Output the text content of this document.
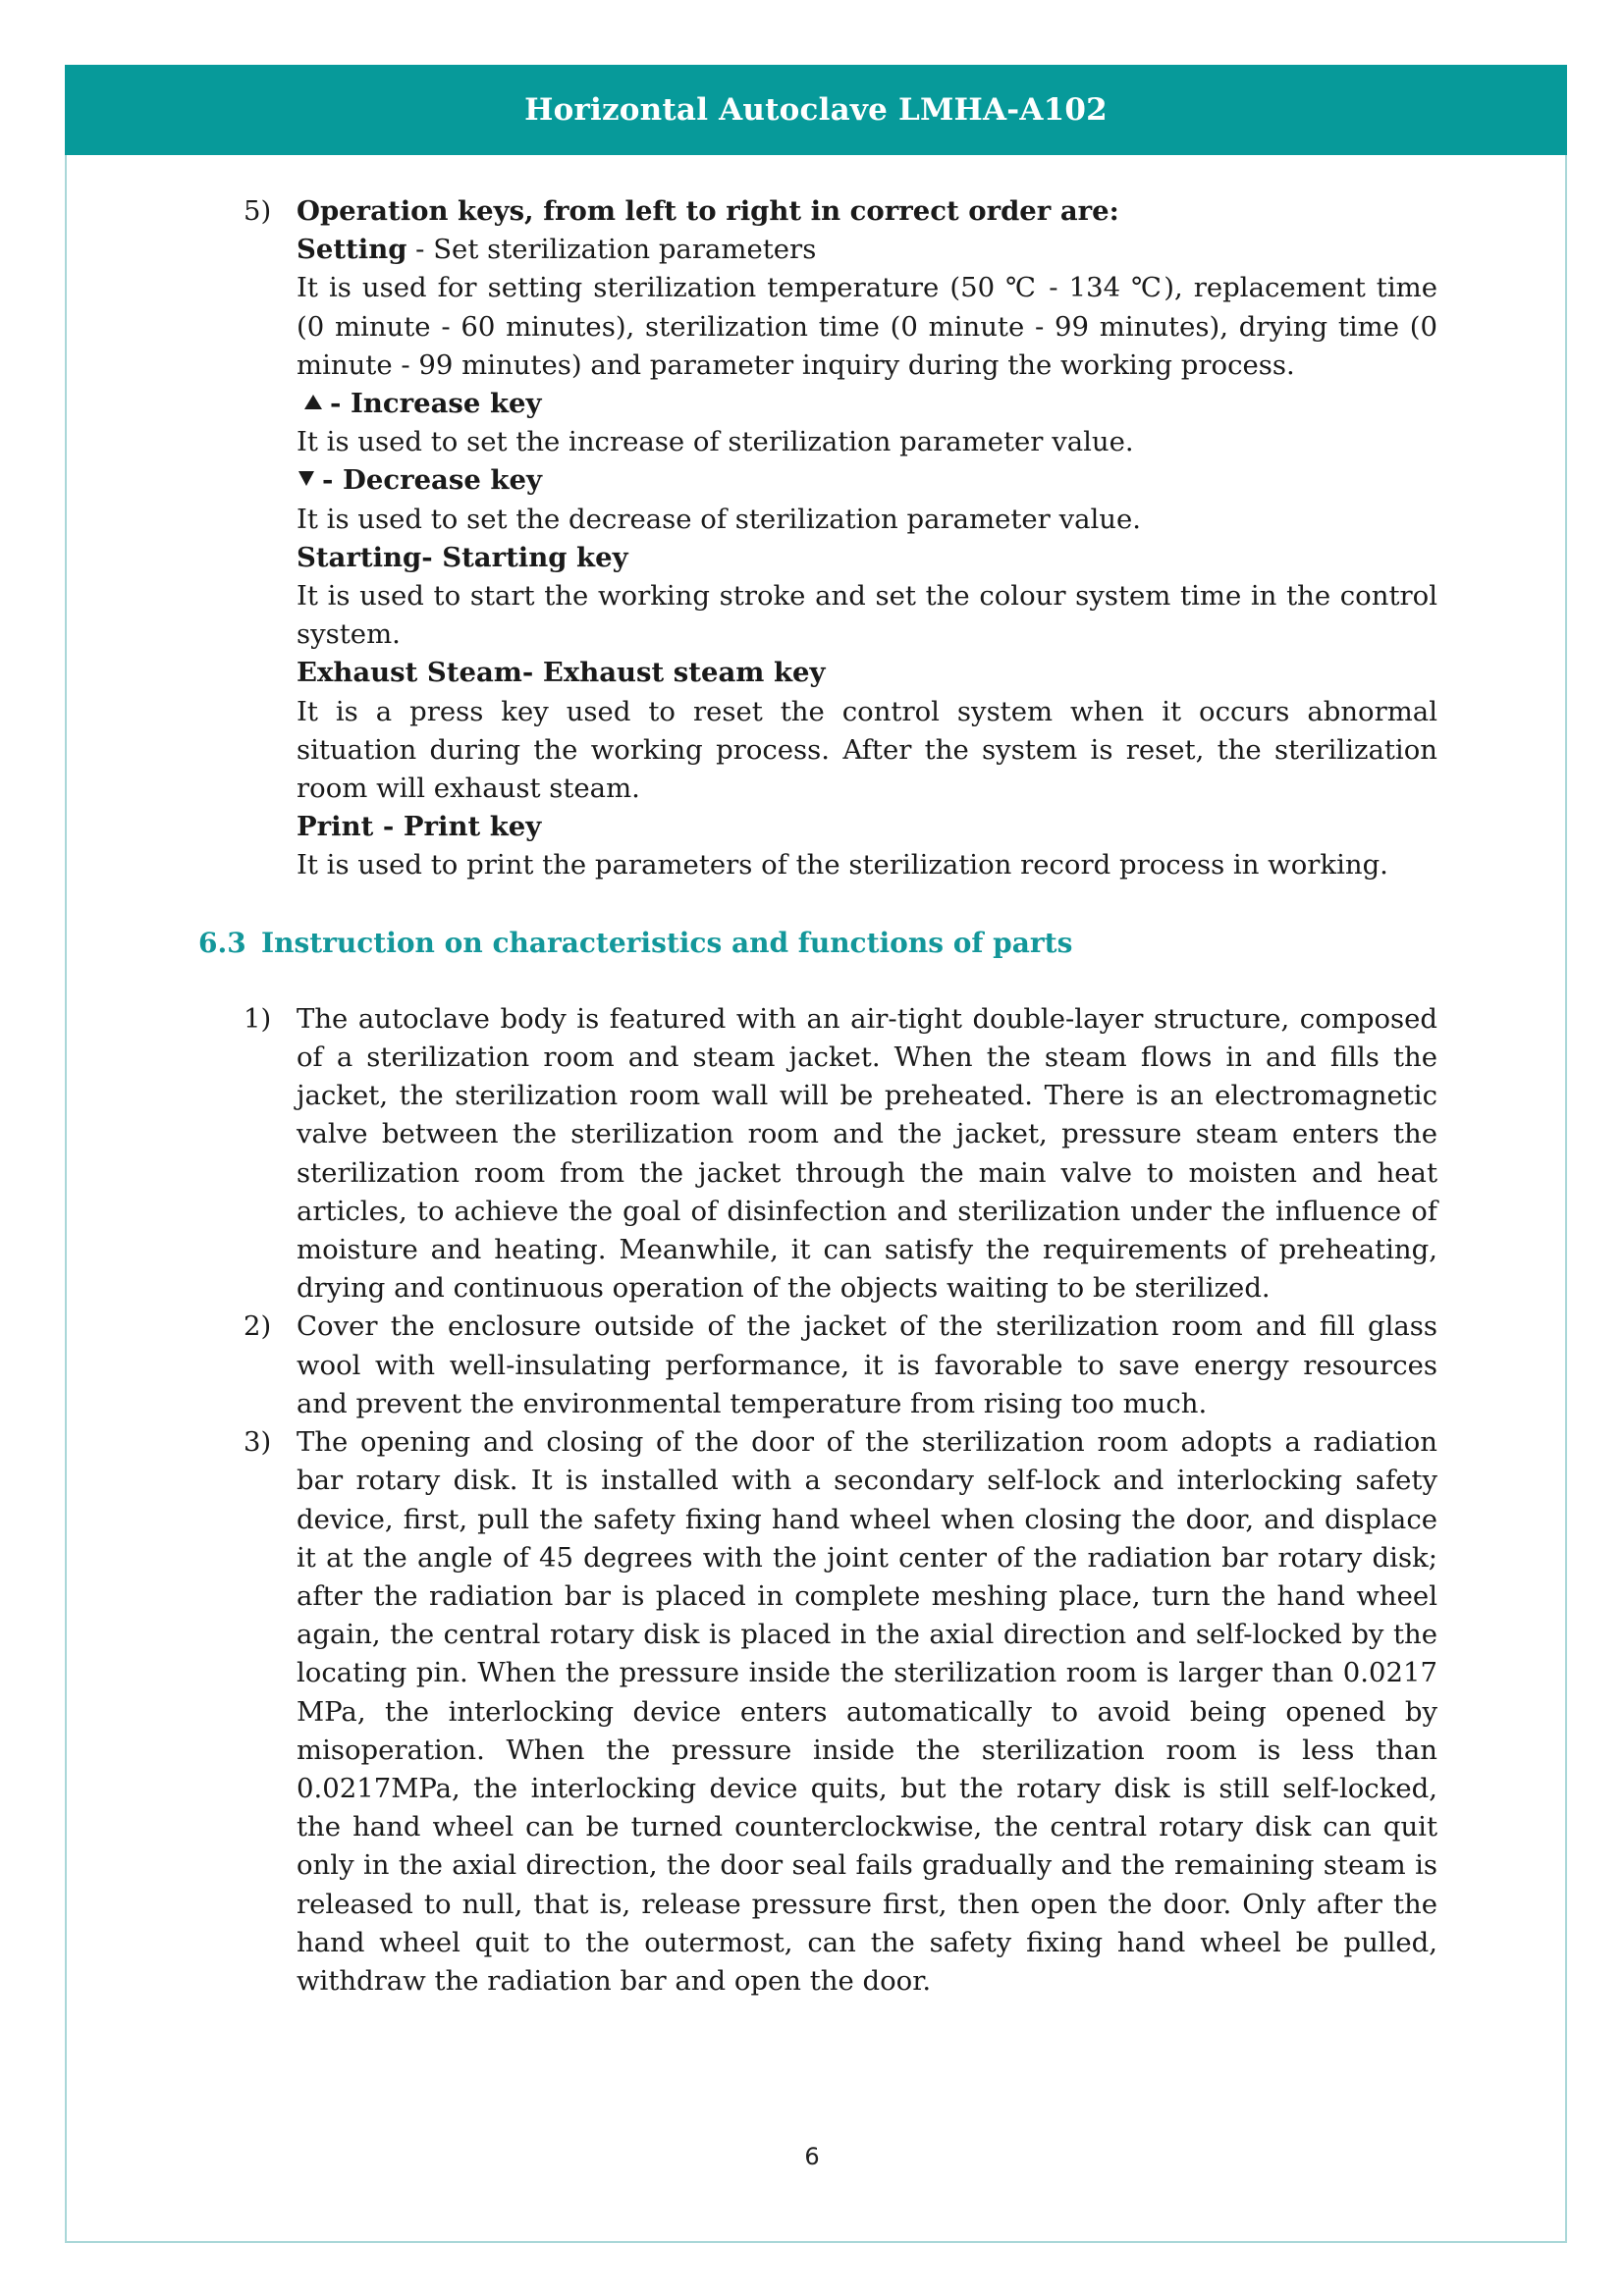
Horizontal Autoclave LMHA-A102
5) Operation keys, from left to right in correct order are:
Setting - Set sterilization parameters
It is used for setting sterilization temperature (50 ℃ - 134 ℃), replacement time (0 minute - 60 minutes), sterilization time (0 minute - 99 minutes), drying time (0 minute - 99 minutes) and parameter inquiry during the working process.
- Increase key
It is used to set the increase of sterilization parameter value.
- Decrease key
It is used to set the decrease of sterilization parameter value.
Starting- Starting key
It is used to start the working stroke and set the colour system time in the control system.
Exhaust Steam- Exhaust steam key
It is a press key used to reset the control system when it occurs abnormal situation during the working process. After the system is reset, the sterilization room will exhaust steam.
Print - Print key
It is used to print the parameters of the sterilization record process in working.
6.3 Instruction on characteristics and functions of parts
1) The autoclave body is featured with an air-tight double-layer structure, composed of a sterilization room and steam jacket. When the steam flows in and fills the jacket, the sterilization room wall will be preheated. There is an electromagnetic valve between the sterilization room and the jacket, pressure steam enters the sterilization room from the jacket through the main valve to moisten and heat articles, to achieve the goal of disinfection and sterilization under the influence of moisture and heating. Meanwhile, it can satisfy the requirements of preheating, drying and continuous operation of the objects waiting to be sterilized.
2) Cover the enclosure outside of the jacket of the sterilization room and fill glass wool with well-insulating performance, it is favorable to save energy resources and prevent the environmental temperature from rising too much.
3) The opening and closing of the door of the sterilization room adopts a radiation bar rotary disk. It is installed with a secondary self-lock and interlocking safety device, first, pull the safety fixing hand wheel when closing the door, and displace it at the angle of 45 degrees with the joint center of the radiation bar rotary disk; after the radiation bar is placed in complete meshing place, turn the hand wheel again, the central rotary disk is placed in the axial direction and self-locked by the locating pin. When the pressure inside the sterilization room is larger than 0.0217 MPa, the interlocking device enters automatically to avoid being opened by misoperation. When the pressure inside the sterilization room is less than 0.0217MPa, the interlocking device quits, but the rotary disk is still self-locked, the hand wheel can be turned counterclockwise, the central rotary disk can quit only in the axial direction, the door seal fails gradually and the remaining steam is released to null, that is, release pressure first, then open the door. Only after the hand wheel quit to the outermost, can the safety fixing hand wheel be pulled, withdraw the radiation bar and open the door.
6
